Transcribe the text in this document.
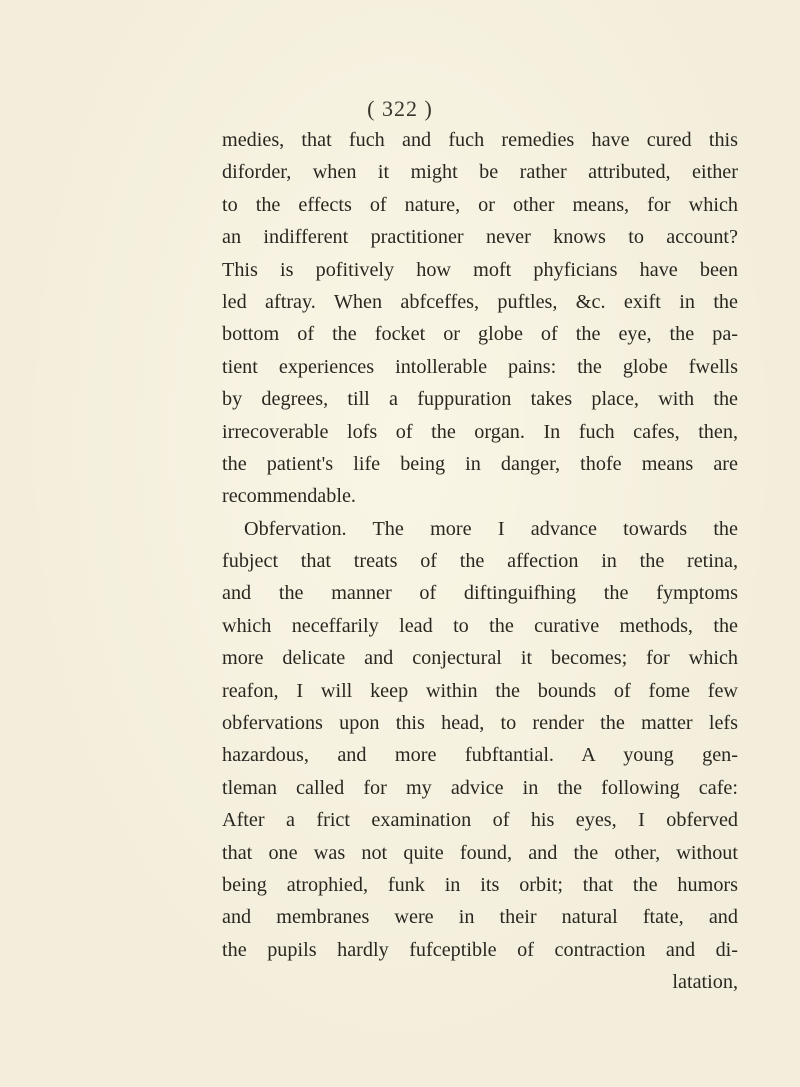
( 322 )
medies, that fuch and fuch remedies have cured this
diforder, when it might be rather attributed, either
to the effects of nature, or other means, for which
an indifferent practitioner never knows to account?
This is pofitively how moft phyficians have been
led aftray. When abfceffes, puftles, &c. exift in the
bottom of the focket or globe of the eye, the pa-
tient experiences intollerable pains: the globe fwells
by degrees, till a fuppuration takes place, with the
irrecoverable lofs of the organ. In fuch cafes, then,
the patient's life being in danger, thofe means are
recommendable.
Obfervation. The more I advance towards the
fubject that treats of the affection in the retina,
and the manner of diftinguifhing the fymptoms
which neceffarily lead to the curative methods, the
more delicate and conjectural it becomes; for which
reafon, I will keep within the bounds of fome few
obfervations upon this head, to render the matter lefs
hazardous, and more fubftantial. A young gen-
tleman called for my advice in the following cafe:
After a frict examination of his eyes, I obferved
that one was not quite found, and the other, without
being atrophied, funk in its orbit; that the humors
and membranes were in their natural ftate, and
the pupils hardly fufceptible of contraction and di-
latation,
